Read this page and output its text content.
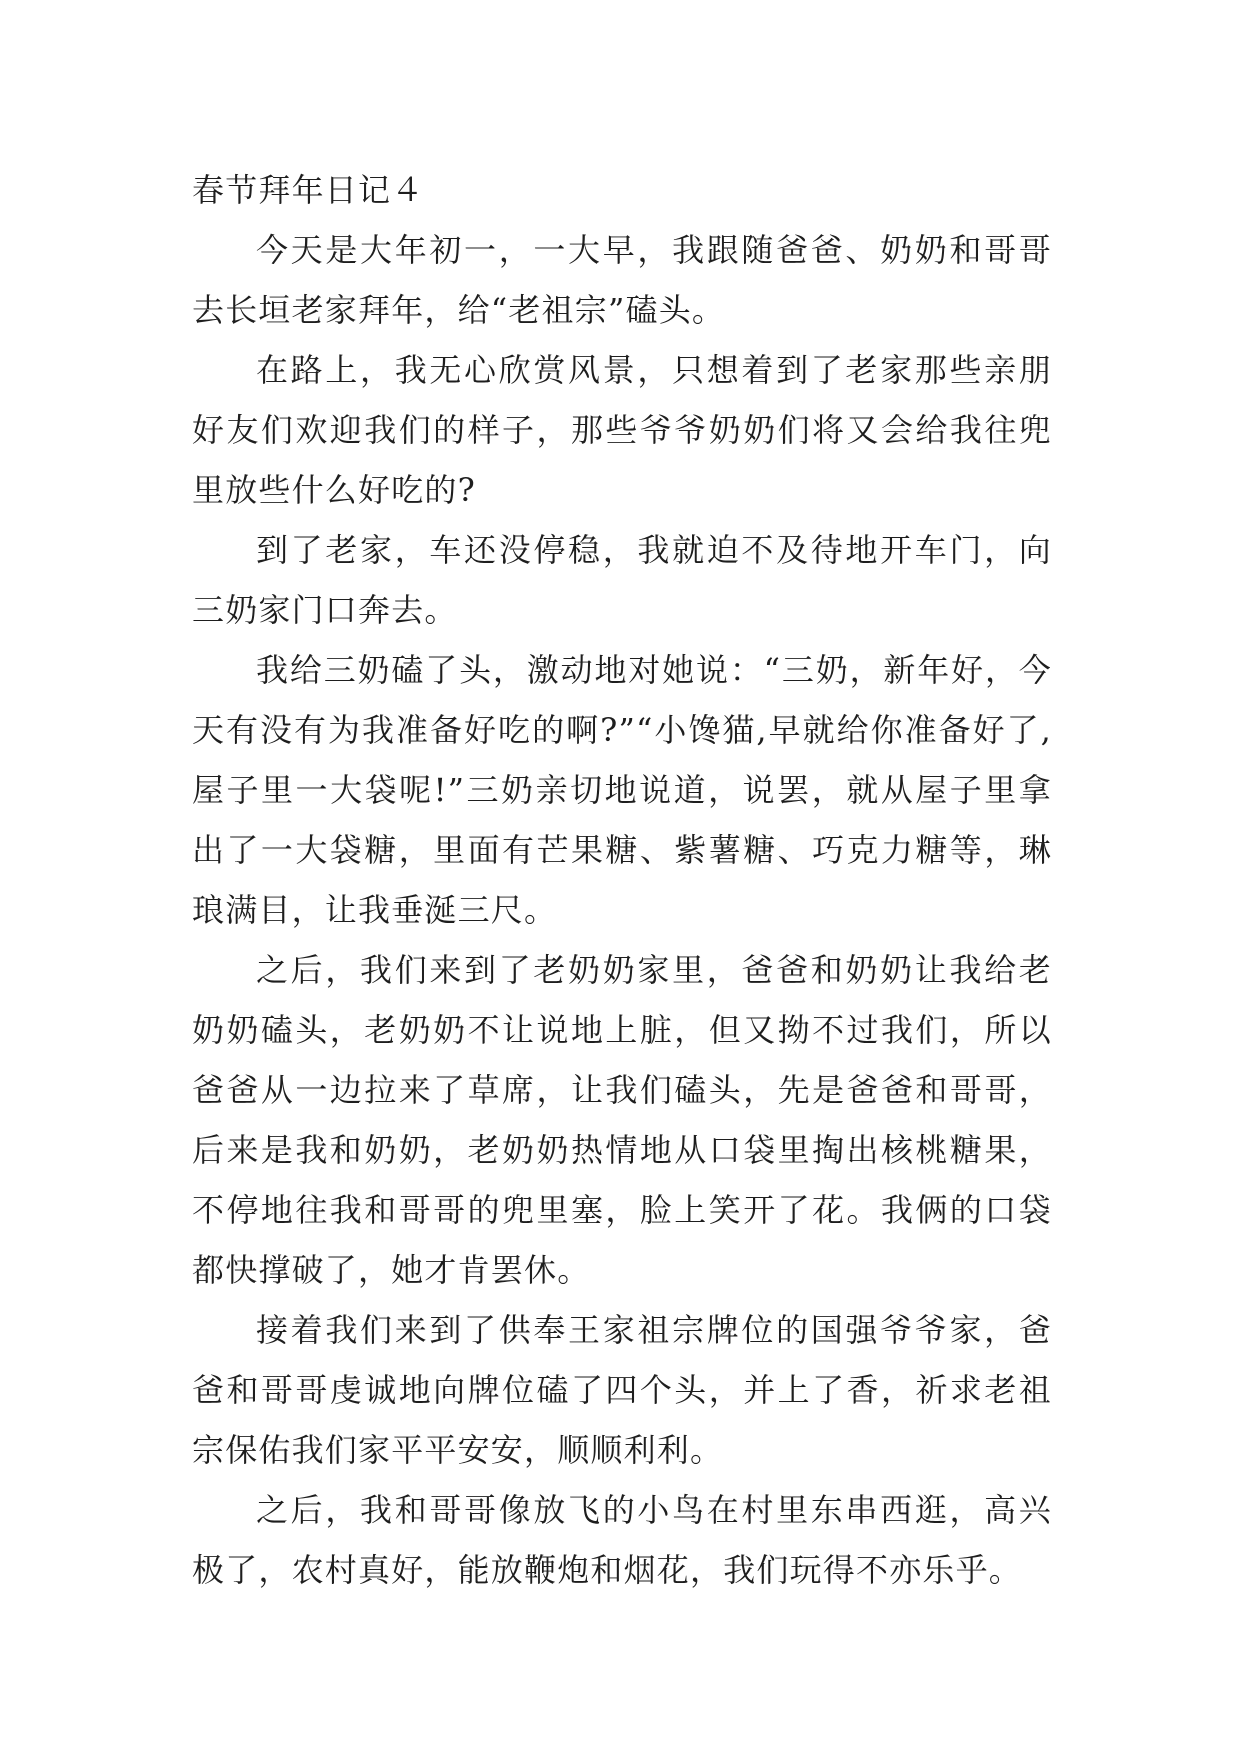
春节拜年日记４

今天是大年初一，一大早，我跟随爸爸、奶奶和哥哥去长垣老家拜年，给“老祖宗”磕头。

在路上，我无心欣赏风景，只想着到了老家那些亲朋好友们欢迎我们的样子，那些爷爷奶奶们将又会给我往兜里放些什么好吃的?

到了老家，车还没停稳，我就迫不及待地开车门，向三奶家门口奔去。

我给三奶磕了头，激动地对她说：“三奶，新年好，今天有没有为我准备好吃的啊?”“小馋猫,早就给你准备好了,屋子里一大袋呢!”三奶亲切地说道，说罢，就从屋子里拿出了一大袋糖，里面有芒果糖、紫薯糖、巧克力糖等，琳琅满目，让我垂涎三尺。

之后，我们来到了老奶奶家里，爸爸和奶奶让我给老奶奶磕头，老奶奶不让说地上脏，但又拗不过我们，所以爸爸从一边拉来了草席，让我们磕头，先是爸爸和哥哥，后来是我和奶奶，老奶奶热情地从口袋里掏出核桃糖果，不停地往我和哥哥的兜里塞，脸上笑开了花。我俩的口袋都快撑破了，她才肯罢休。

接着我们来到了供奉王家祖宗牌位的国强爷爷家，爸爸和哥哥虔诚地向牌位磕了四个头，并上了香，祈求老祖宗保佑我们家平平安安，顺顺利利。

之后，我和哥哥像放飞的小鸟在村里东串西逛，高兴极了，农村真好，能放鞭炮和烟花，我们玩得不亦乐乎。
